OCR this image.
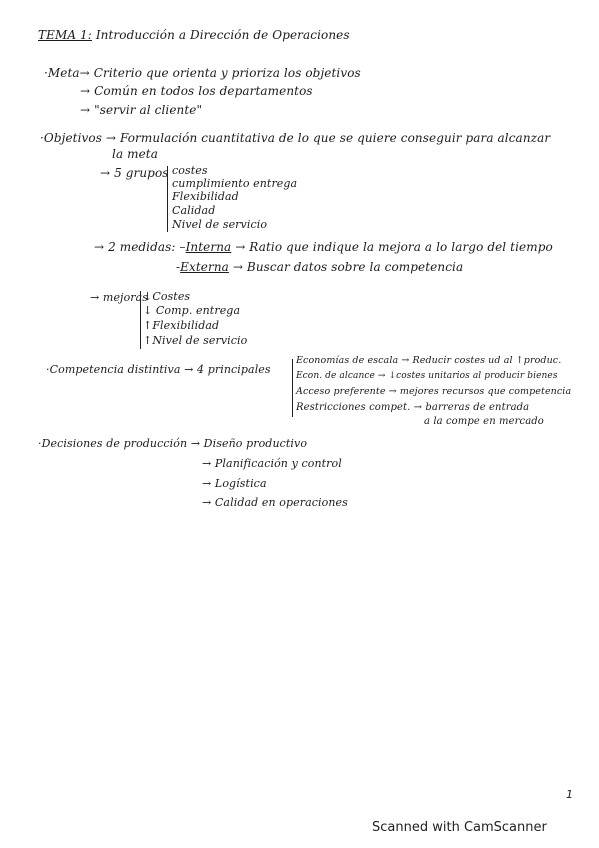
TEMA 1: Introducción a Dirección de Operaciones
·Meta→ Criterio que orienta y prioriza los objetivos
→ Común en todos los departamentos
→ "servir al cliente"
·Objetivos → Formulación cuantitativa de lo que se quiere conseguir para alcanzar
la meta
→ 5 grupos costes
cumplimiento entrega
Flexibilidad
Calidad
Nivel de servicio
→ 2 medidas: –Interna → Ratio que indique la mejora a lo largo del tiempo
-Externa → Buscar datos sobre la competencia
→ mejoras
↓Costes
↓ Comp. entrega
↑Flexibilidad
↑Nivel de servicio
·Competencia distintiva → 4 principales
Economías de escala → Reducir costes ud al ↑produc.
Econ. de alcance → ↓costes unitarios al producir bienes
Acceso preferente → mejores recursos que competencia
Restricciones compet. → barreras de entrada
a la compe en mercado
·Decisiones de producción → Diseño productivo
→ Planificación y control
→ Logística
→ Calidad en operaciones
1
Scanned with CamScanner
